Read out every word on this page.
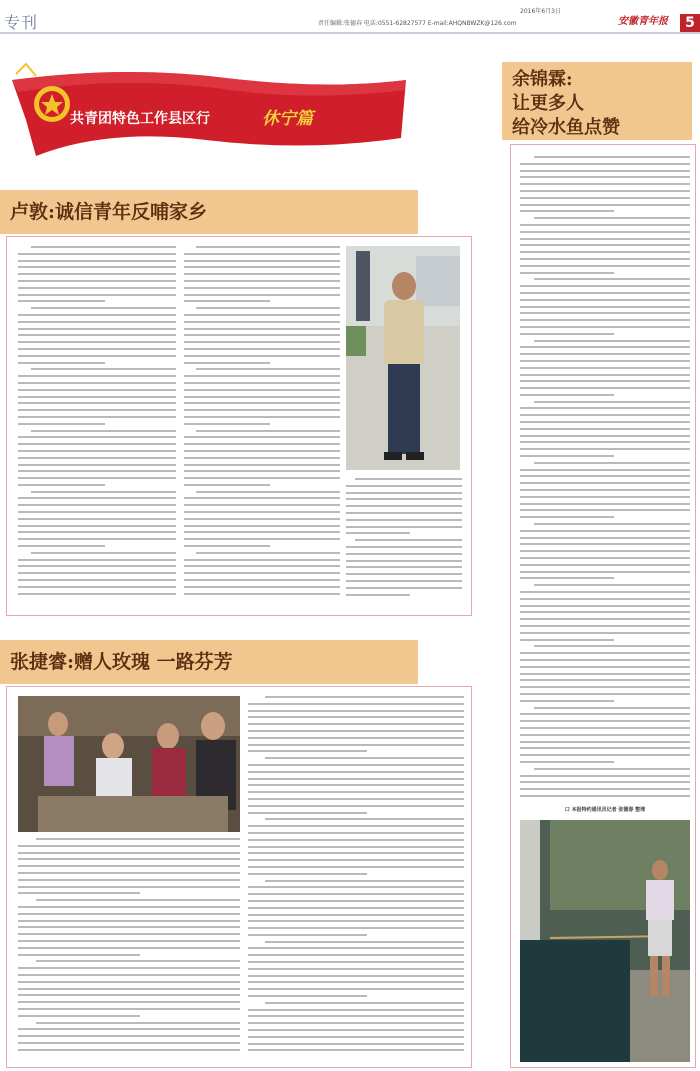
专刊	责任编辑:张德春 电话:0551-62827577 E-mail:AHQNBWZK@126.com
2016年6月3日
安徽青年报	5
共青团特色工作县区行	休宁篇
卢敦:诚信青年反哺家乡
张捷睿:赠人玫瑰 一路芬芳
余锦霖:
让更多人
给冷水鱼点赞
口 本报特约通讯员记者 张德春 整理
